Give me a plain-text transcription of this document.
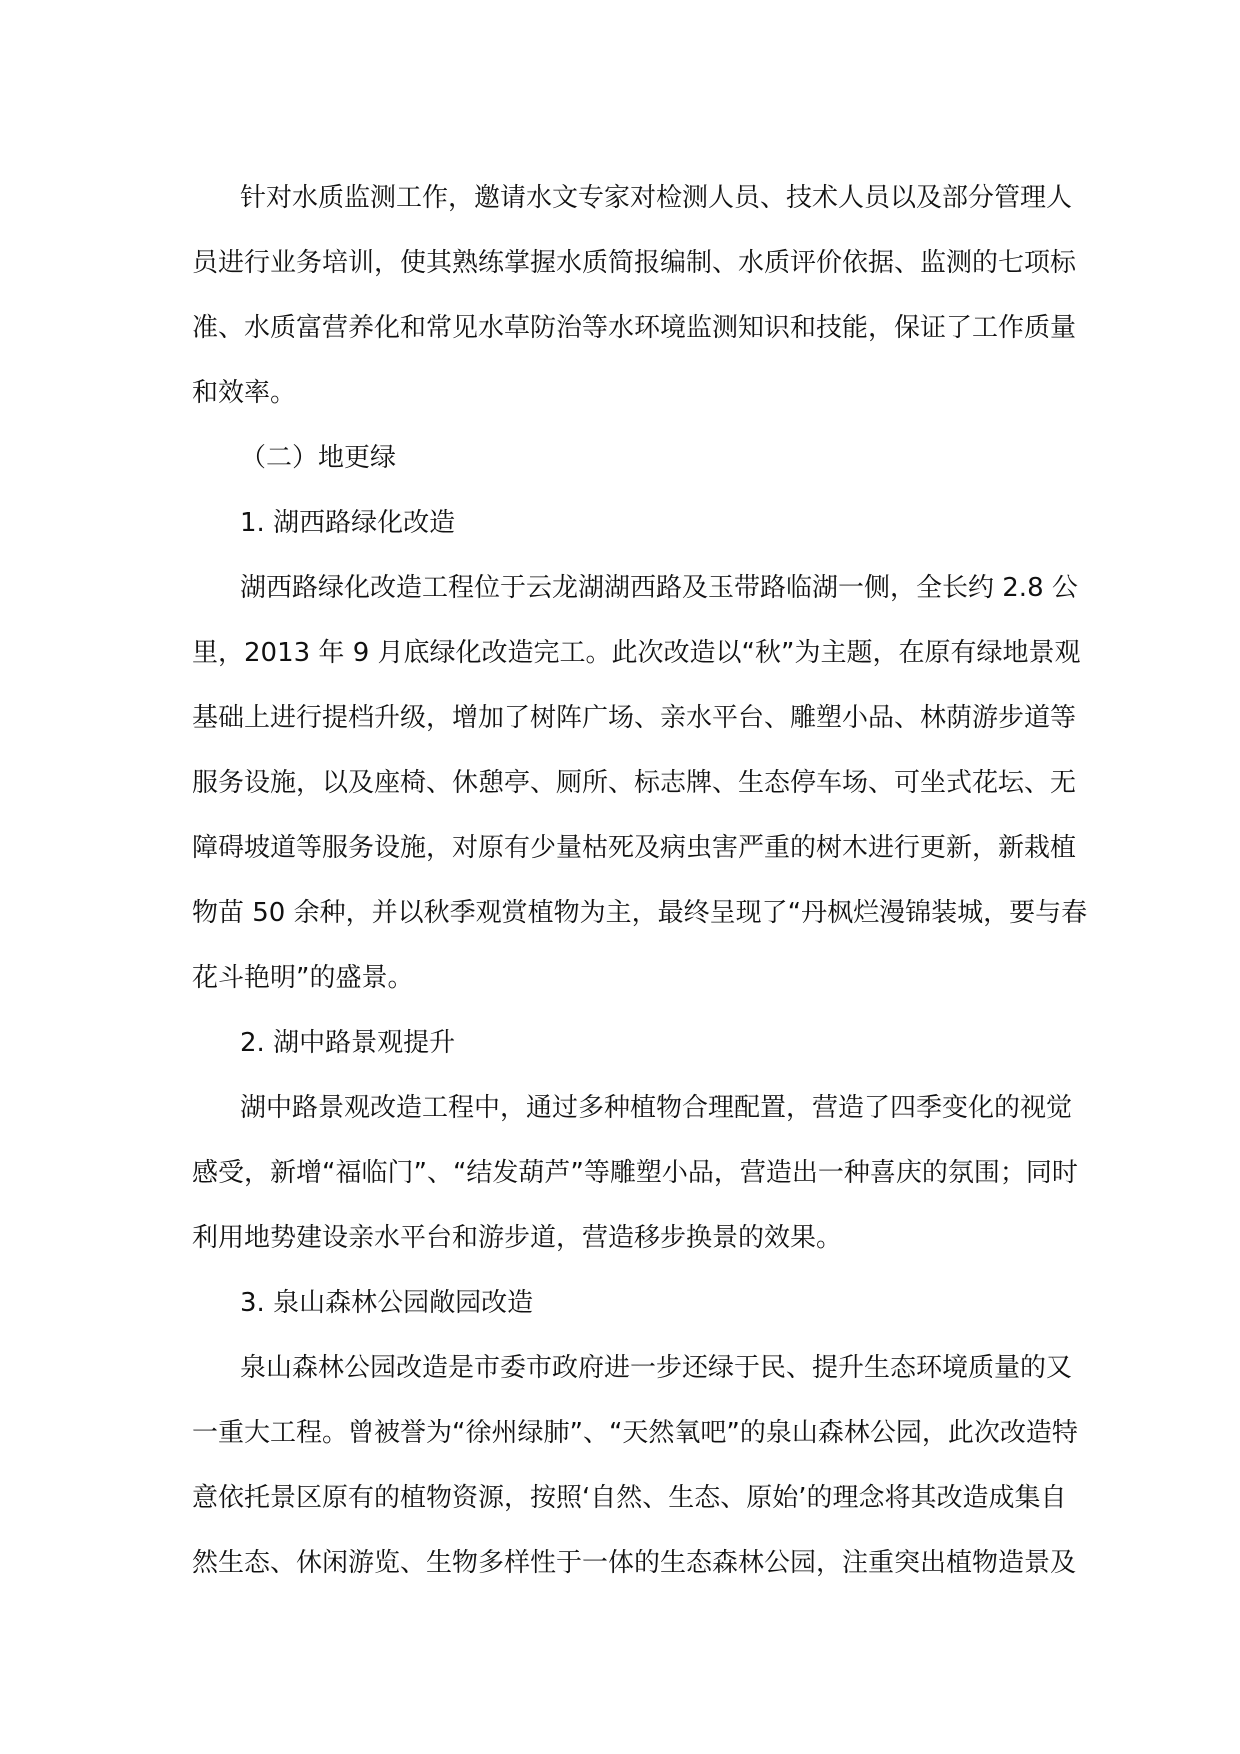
针对水质监测工作，邀请水文专家对检测人员、技术人员以及部分管理人
员进行业务培训，使其熟练掌握水质简报编制、水质评价依据、监测的七项标
准、水质富营养化和常见水草防治等水环境监测知识和技能，保证了工作质量
和效率。
（二）地更绿
1. 湖西路绿化改造
湖西路绿化改造工程位于云龙湖湖西路及玉带路临湖一侧，全长约 2.8 公
里，2013 年 9 月底绿化改造完工。此次改造以“秋”为主题，在原有绿地景观
基础上进行提档升级，增加了树阵广场、亲水平台、雕塑小品、林荫游步道等
服务设施，以及座椅、休憩亭、厕所、标志牌、生态停车场、可坐式花坛、无
障碍坡道等服务设施，对原有少量枯死及病虫害严重的树木进行更新，新栽植
物苗 50 余种，并以秋季观赏植物为主，最终呈现了“丹枫烂漫锦装城，要与春
花斗艳明”的盛景。
2. 湖中路景观提升
湖中路景观改造工程中，通过多种植物合理配置，营造了四季变化的视觉
感受，新增“福临门”、“结发葫芦”等雕塑小品，营造出一种喜庆的氛围；同时
利用地势建设亲水平台和游步道，营造移步换景的效果。
3. 泉山森林公园敞园改造
泉山森林公园改造是市委市政府进一步还绿于民、提升生态环境质量的又
一重大工程。曾被誉为“徐州绿肺”、“天然氧吧”的泉山森林公园，此次改造特
意依托景区原有的植物资源，按照‘自然、生态、原始’的理念将其改造成集自
然生态、休闲游览、生物多样性于一体的生态森林公园，注重突出植物造景及
